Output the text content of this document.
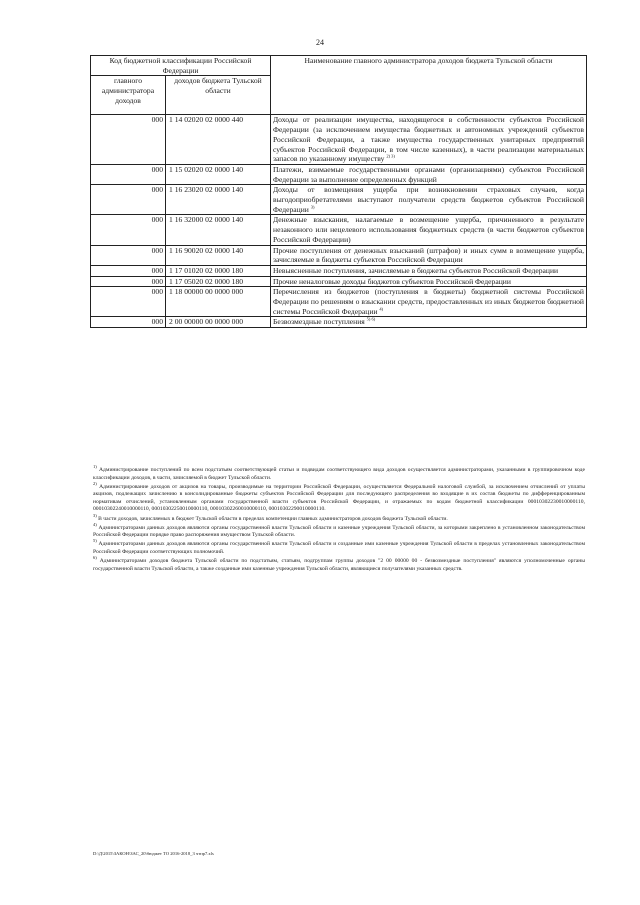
24
Код бюджетной классификации Российской Федерации		Наименование главного администратора доходов бюджета Тульской области
главного администратора доходов	доходов бюджета Тульской области	
000	1 14 02020 02 0000 440	Доходы от реализации имущества, находящегося в собственности субъектов Российской Федерации (за исключением имущества бюджетных и автономных учреждений субъектов Российской Федерации, а также имущества государственных унитарных предприятий субъектов Российской Федерации, в том числе казенных), в части реализации материальных запасов по указанному имуществу $^{2) 3)}$
000	1 15 02020 02 0000 140	Платежи, взимаемые государственными органами (организациями) субъектов Российской Федерации за выполнение определенных функций
000	1 16 23020 02 0000 140	Доходы от возмещения ущерба при возникновении страховых случаев, когда выгодоприобретателями выступают получатели средств бюджетов субъектов Российской Федерации $^{3)}$
000	1 16 32000 02 0000 140	Денежные взыскания, налагаемые в возмещение ущерба, причиненного в результате незаконного или нецелевого использования бюджетных средств (в части бюджетов субъектов Российской Федерации)
000	1 16 90020 02 0000 140	Прочие поступления от денежных взысканий (штрафов) и иных сумм в возмещение ущерба, зачисляемые в бюджеты субъектов Российской Федерации
000	1 17 01020 02 0000 180	Невыясненные поступления, зачисляемые в бюджеты субъектов Российской Федерации
000	1 17 05020 02 0000 180	Прочие неналоговые доходы бюджетов субъектов Российской Федерации
000	1 18 00000 00 0000 000	Перечисления из бюджетов (поступления в бюджеты) бюджетной системы Российской Федерации по решениям о взыскании средств, предоставленных из иных бюджетов бюджетной системы Российской Федерации $^{4)}$
000	2 00 00000 00 0000 000	Безвозмездные поступления $^{5) 6)}$
$^{1)}$ Администрирование поступлений по всем подстатьям соответствующей статьи и подвидам соответствующего вида доходов осуществляется администраторами, указанными в группировочном коде классификации доходов, в части, зачисляемой в бюджет Тульской области.
$^{2)}$ Администрирование доходов от акцизов на товары, производимые на территории Российской Федерации, осуществляется Федеральной налоговой службой, за исключением отчислений от уплаты акцизов, подлежащих зачислению в консолидированные бюджеты субъектов Российской Федерации для последующего распределения во входящие в их состав бюджеты по дифференцированным нормативам отчислений, установленным органами государственной власти субъектов Российской Федерации, и отражаемых по кодам бюджетной классификации 00010302230010000110, 00010302240010000110, 00010302250010000110, 00010302260010000110, 00010302290010000110.
$^{3)}$ В части доходов, зачисляемых в бюджет Тульской области в пределах компетенции главных администраторов доходов бюджета Тульской области.
$^{4)}$ Администраторами данных доходов являются органы государственной власти Тульской области и казенные учреждения Тульской области, за которыми закреплено в установленном законодательством Российской Федерации порядке право распоряжения имуществом Тульской области.
$^{5)}$ Администраторами данных доходов являются органы государственной власти Тульской области и созданные ими казенные учреждения Тульской области в пределах установленных законодательством Российской Федерации соответствующих полномочий.
$^{6)}$ Администраторами доходов бюджета Тульской области по подстатьям, статьям, подгруппам группы доходов "2 00 00000 00 - безвозмездные поступления" являются уполномоченные органы государственной власти Тульской области, а также созданные ими казенные учреждения Тульской области, являющиеся получателями указанных средств.
D:\Д\2015\ЗАКОН\ЗАС_20\бюджет ТО 2016-2018_3 чтпр7.xls
